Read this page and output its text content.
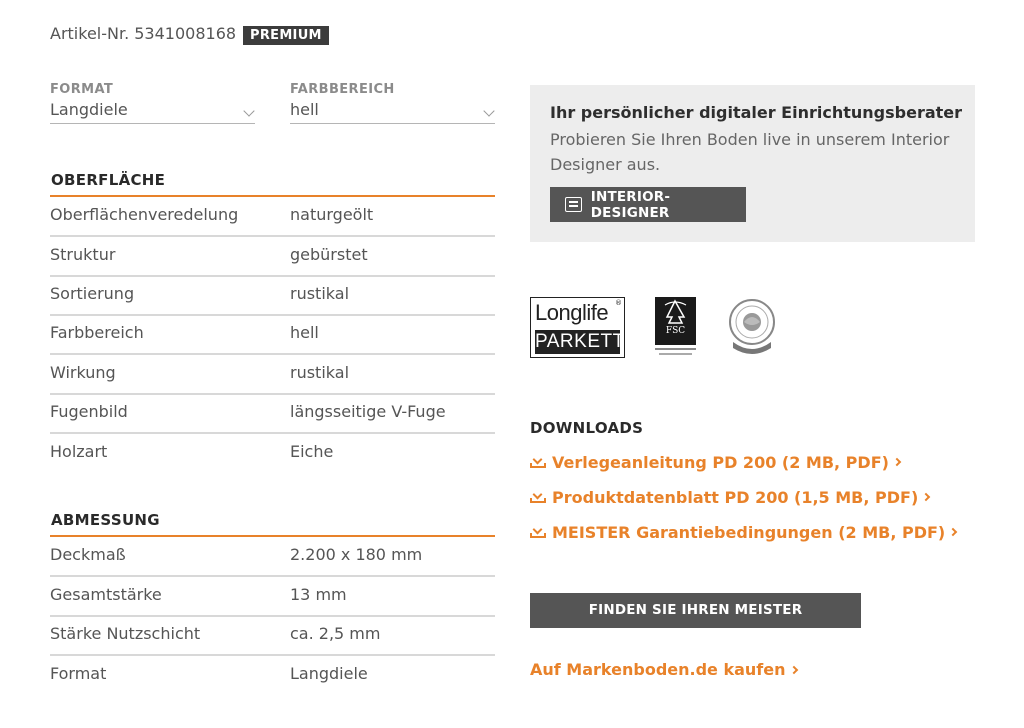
Artikel-Nr. 5341008168	PREMIUM
FORMAT
Langdiele
FARBBEREICH
hell
OBERFLÄCHE
Oberflächenveredelung	naturgeölt
Struktur	gebürstet
Sortierung	rustikal
Farbbereich	hell
Wirkung	rustikal
Fugenbild	längsseitige V-Fuge
Holzart	Eiche
ABMESSUNG
Deckmaß	2.200 x 180 mm
Gesamtstärke	13 mm
Stärke Nutzschicht	ca. 2,5 mm
Format	Langdiele
Ihr persönlicher digitaler Einrichtungsberater
Probieren Sie Ihren Boden live in unserem Interior Designer aus.
INTERIOR-DESIGNER
Longlife ®
PARKETT	FSC
DOWNLOADS
Verlegeanleitung PD 200 (2 MB, PDF)
Produktdatenblatt PD 200 (1,5 MB, PDF)
MEISTER Garantiebedingungen (2 MB, PDF)
FINDEN SIE IHREN MEISTER FACHHÄNDLER
Auf Markenboden.de kaufen
